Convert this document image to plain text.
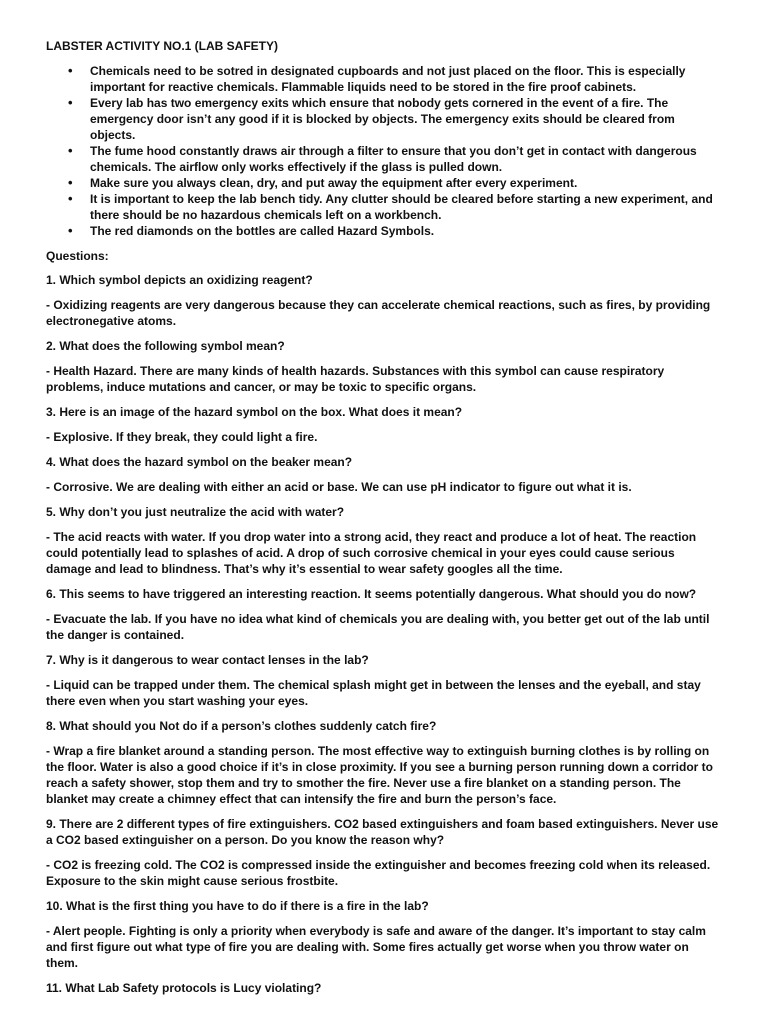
LABSTER ACTIVITY NO.1 (LAB SAFETY)
• Chemicals need to be sotred in designated cupboards and not just placed on the floor. This is especially important for reactive chemicals. Flammable liquids need to be stored in the fire proof cabinets.
• Every lab has two emergency exits which ensure that nobody gets cornered in the event of a fire. The emergency door isn’t any good if it is blocked by objects. The emergency exits should be cleared from objects.
• The fume hood constantly draws air through a filter to ensure that you don’t get in contact with dangerous chemicals. The airflow only works effectively if the glass is pulled down.
• Make sure you always clean, dry, and put away the equipment after every experiment.
• It is important to keep the lab bench tidy. Any clutter should be cleared before starting a new experiment, and there should be no hazardous chemicals left on a workbench.
• The red diamonds on the bottles are called Hazard Symbols.
Questions:

1. Which symbol depicts an oxidizing reagent?

- Oxidizing reagents are very dangerous because they can accelerate chemical reactions, such as fires, by providing electronegative atoms.

2. What does the following symbol mean?

- Health Hazard. There are many kinds of health hazards. Substances with this symbol can cause respiratory problems, induce mutations and cancer, or may be toxic to specific organs.

3. Here is an image of the hazard symbol on the box. What does it mean?

- Explosive. If they break, they could light a fire.

4. What does the hazard symbol on the beaker mean?

- Corrosive. We are dealing with either an acid or base. We can use pH indicator to figure out what it is.

5. Why don’t you just neutralize the acid with water?

- The acid reacts with water. If you drop water into a strong acid, they react and produce a lot of heat. The reaction could potentially lead to splashes of acid. A drop of such corrosive chemical in your eyes could cause serious damage and lead to blindness. That’s why it’s essential to wear safety googles all the time.

6. This seems to have triggered an interesting reaction. It seems potentially dangerous. What should you do now?

- Evacuate the lab. If you have no idea what kind of chemicals you are dealing with, you better get out of the lab until the danger is contained.

7. Why is it dangerous to wear contact lenses in the lab?

- Liquid can be trapped under them. The chemical splash might get in between the lenses and the eyeball, and stay there even when you start washing your eyes.

8. What should you Not do if a person’s clothes suddenly catch fire?

- Wrap a fire blanket around a standing person. The most effective way to extinguish burning clothes is by rolling on the floor. Water is also a good choice if it’s in close proximity. If you see a burning person running down a corridor to reach a safety shower, stop them and try to smother the fire. Never use a fire blanket on a standing person. The blanket may create a chimney effect that can intensify the fire and burn the person’s face.

9. There are 2 different types of fire extinguishers. CO2 based extinguishers and foam based extinguishers. Never use a CO2 based extinguisher on a person. Do you know the reason why?

- CO2 is freezing cold. The CO2 is compressed inside the extinguisher and becomes freezing cold when its released. Exposure to the skin might cause serious frostbite.

10. What is the first thing you have to do if there is a fire in the lab?

- Alert people. Fighting is only a priority when everybody is safe and aware of the danger. It’s important to stay calm and first figure out what type of fire you are dealing with. Some fires actually get worse when you throw water on them.

11. What Lab Safety protocols is Lucy violating?
